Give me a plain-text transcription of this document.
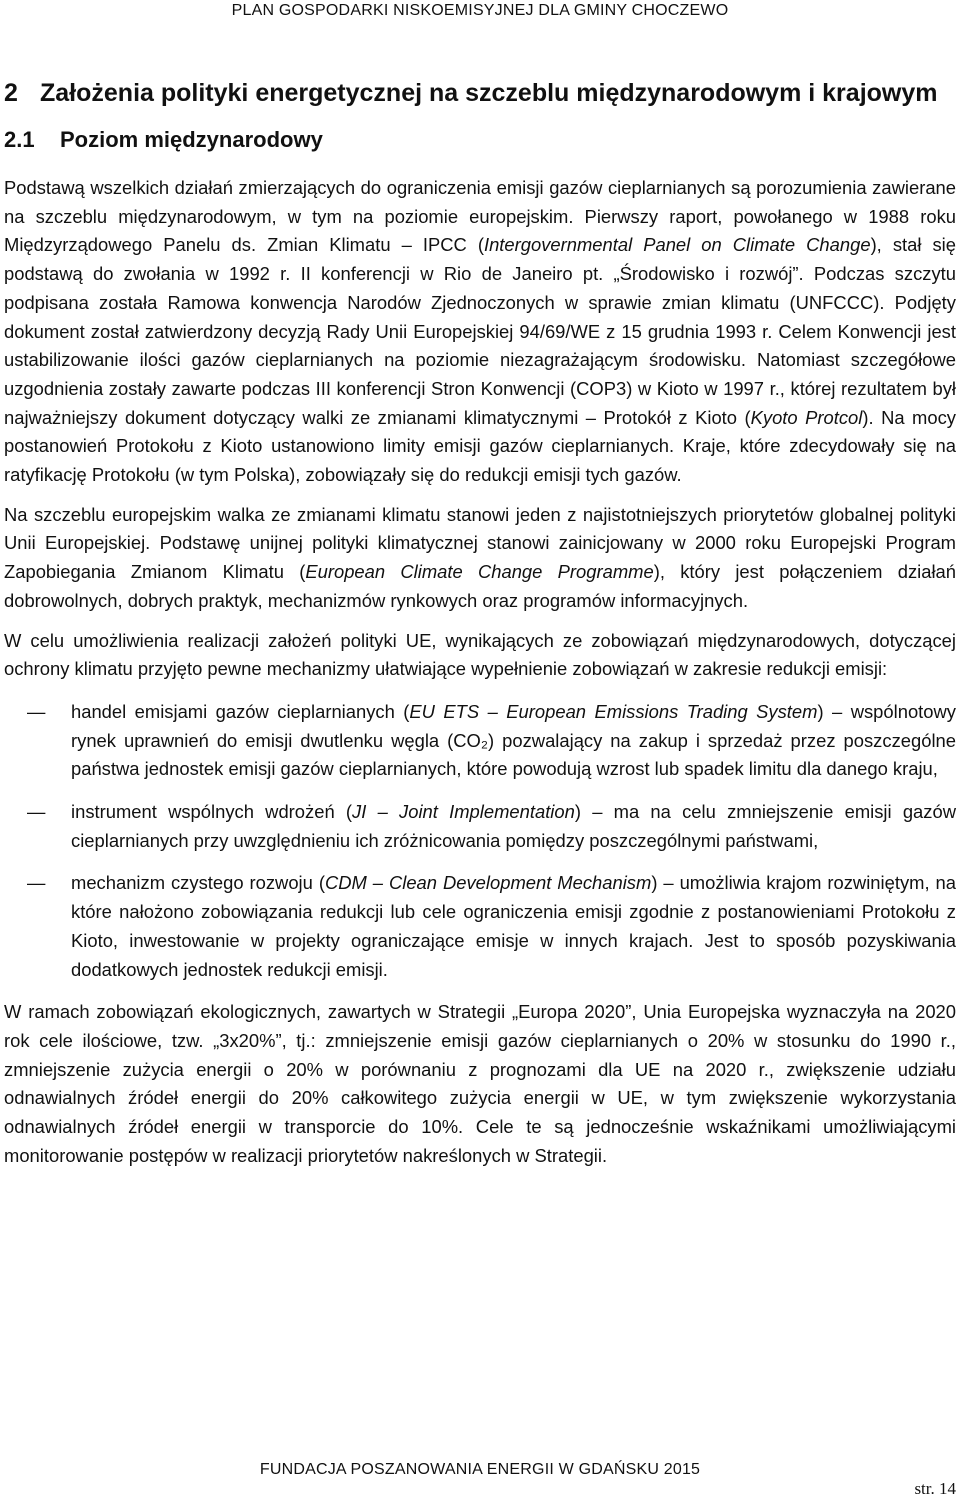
PLAN GOSPODARKI NISKOEMISYJNEJ DLA GMINY CHOCZEWO
2 Założenia polityki energetycznej na szczeblu międzynarodowym i krajowym
2.1	Poziom międzynarodowy

Podstawą wszelkich działań zmierzających do ograniczenia emisji gazów cieplarnianych są porozumienia zawierane na szczeblu międzynarodowym, w tym na poziomie europejskim. Pierwszy raport, powołanego w 1988 roku Międzyrządowego Panelu ds. Zmian Klimatu – IPCC (Intergovernmental Panel on Climate Change), stał się podstawą do zwołania w 1992 r. II konferencji w Rio de Janeiro pt. „Środowisko i rozwój”. Podczas szczytu podpisana została Ramowa konwencja Narodów Zjednoczonych w sprawie zmian klimatu (UNFCCC). Podjęty dokument został zatwierdzony decyzją Rady Unii Europejskiej 94/69/WE z 15 grudnia 1993 r. Celem Konwencji jest ustabilizowanie ilości gazów cieplarnianych na poziomie niezagrażającym środowisku. Natomiast szczegółowe uzgodnienia zostały zawarte podczas III konferencji Stron Konwencji (COP3) w Kioto w 1997 r., której rezultatem był najważniejszy dokument dotyczący walki ze zmianami klimatycznymi – Protokół z Kioto (Kyoto Protcol). Na mocy postanowień Protokołu z Kioto ustanowiono limity emisji gazów cieplarnianych. Kraje, które zdecydowały się na ratyfikację Protokołu (w tym Polska), zobowiązały się do redukcji emisji tych gazów.

Na szczeblu europejskim walka ze zmianami klimatu stanowi jeden z najistotniejszych priorytetów globalnej polityki Unii Europejskiej. Podstawę unijnej polityki klimatycznej stanowi zainicjowany w 2000 roku Europejski Program Zapobiegania Zmianom Klimatu (European Climate Change Programme), który jest połączeniem działań dobrowolnych, dobrych praktyk, mechanizmów rynkowych oraz programów informacyjnych.

W celu umożliwienia realizacji założeń polityki UE, wynikających ze zobowiązań międzynarodowych, dotyczącej ochrony klimatu przyjęto pewne mechanizmy ułatwiające wypełnienie zobowiązań w zakresie redukcji emisji:

—	handel emisjami gazów cieplarnianych (EU ETS – European Emissions Trading System) – wspólnotowy rynek uprawnień do emisji dwutlenku węgla (CO₂) pozwalający na zakup i sprzedaż przez poszczególne państwa jednostek emisji gazów cieplarnianych, które powodują wzrost lub spadek limitu dla danego kraju,
—	instrument wspólnych wdrożeń (JI – Joint Implementation) – ma na celu zmniejszenie emisji gazów cieplarnianych przy uwzględnieniu ich zróżnicowania pomiędzy poszczególnymi państwami,
—	mechanizm czystego rozwoju (CDM – Clean Development Mechanism) – umożliwia krajom rozwiniętym, na które nałożono zobowiązania redukcji lub cele ograniczenia emisji zgodnie z postanowieniami Protokołu z Kioto, inwestowanie w projekty ograniczające emisje w innych krajach. Jest to sposób pozyskiwania dodatkowych jednostek redukcji emisji.

W ramach zobowiązań ekologicznych, zawartych w Strategii „Europa 2020”, Unia Europejska wyznaczyła na 2020 rok cele ilościowe, tzw. „3x20%”, tj.: zmniejszenie emisji gazów cieplarnianych o 20% w stosunku do 1990 r., zmniejszenie zużycia energii o 20% w porównaniu z prognozami dla UE na 2020 r., zwiększenie udziału odnawialnych źródeł energii do 20% całkowitego zużycia energii w UE, w tym zwiększenie wykorzystania odnawialnych źródeł energii w transporcie do 10%. Cele te są jednocześnie wskaźnikami umożliwiającymi monitorowanie postępów w realizacji priorytetów nakreślonych w Strategii.

FUNDACJA POSZANOWANIA ENERGII W GDAŃSKU 2015
str. 14
